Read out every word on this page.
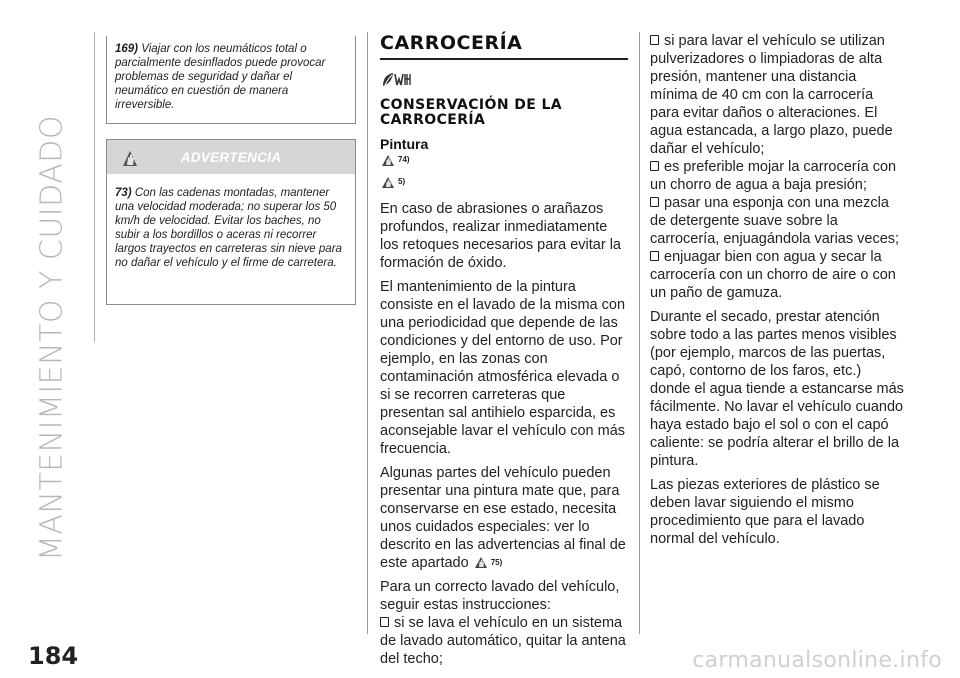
MANTENIMIENTO Y CUIDADO
184	carmanualsonline.info
169) Viajar con los neumáticos total o parcialmente desinflados puede provocar problemas de seguridad y dañar el neumático en cuestión de manera irreversible.
ADVERTENCIA
73) Con las cadenas montadas, mantener una velocidad moderada; no superar los 50 km/h de velocidad. Evitar los baches, no subir a los bordillos o aceras ni recorrer largos trayectos en carreteras sin nieve para no dañar el vehículo y el firme de carretera.
CARROCERÍA
CONSERVACIÓN DE LA CARROCERÍA
Pintura
74)
5)

En caso de abrasiones o arañazos profundos, realizar inmediatamente los retoques necesarios para evitar la formación de óxido.

El mantenimiento de la pintura consiste en el lavado de la misma con una periodicidad que depende de las condiciones y del entorno de uso. Por ejemplo, en las zonas con contaminación atmosférica elevada o si se recorren carreteras que presentan sal antihielo esparcida, es aconsejable lavar el vehículo con más frecuencia.

Algunas partes del vehículo pueden presentar una pintura mate que, para conservarse en ese estado, necesita unos cuidados especiales: ver lo descrito en las advertencias al final de este apartado	75)

Para un correcto lavado del vehículo, seguir estas instrucciones:

si se lava el vehículo en un sistema de lavado automático, quitar la antena del techo;
si para lavar el vehículo se utilizan pulverizadores o limpiadoras de alta presión, mantener una distancia mínima de 40 cm con la carrocería para evitar daños o alteraciones. El agua estancada, a largo plazo, puede dañar el vehículo;
es preferible mojar la carrocería con un chorro de agua a baja presión;
pasar una esponja con una mezcla de detergente suave sobre la carrocería, enjuagándola varias veces;
enjuagar bien con agua y secar la carrocería con un chorro de aire o con un paño de gamuza.

Durante el secado, prestar atención sobre todo a las partes menos visibles (por ejemplo, marcos de las puertas, capó, contorno de los faros, etc.) donde el agua tiende a estancarse más fácilmente. No lavar el vehículo cuando haya estado bajo el sol o con el capó caliente: se podría alterar el brillo de la pintura.

Las piezas exteriores de plástico se deben lavar siguiendo el mismo procedimiento que para el lavado normal del vehículo.
